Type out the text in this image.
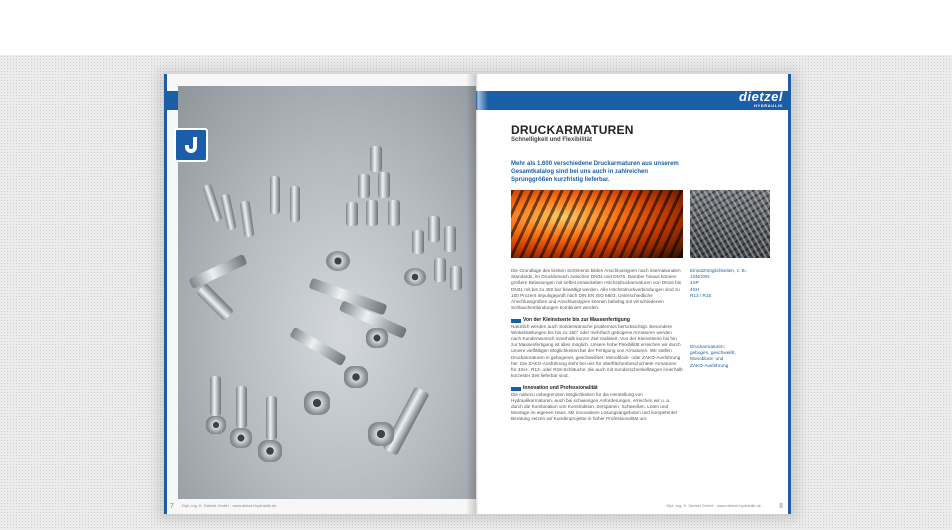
7 Dipl.-Ing. K. Dietzel GmbH · www.dietzel-hydraulik.de
dietzel
HYDRAULIK
DRUCKARMATUREN
Schnelligkeit und Flexibilität
Mehr als 1.600 verschiedene Druckarmaturen aus unserem Gesamtkatalog sind bei uns auch in zahlreichen Sprunggrößen kurzfristig lieferbar.

Die Grundlage des breiten Sortiments bilden Anschlusstypen nach internationalen Standards, im Druckbereich zwischen DN04 und DN76. Darüber hinaus können größere Belastungen mit selbst entwickelten Höchstdruckarmaturen von DN16 bis DN31 mit bis zu 450 bar bewältigt werden. Alle Höchstdruckverbindungen sind zu 100 Prozent impulsgeprüft nach DIN EN ISO 6803. Unterschiedliche Anschlussgrößen und Anschlusstypen können beliebig mit verschiedenen Schlaucheinbindungen kombiniert werden.

Von der Kleinstserie bis zur Massenfertigung

Natürlich werden auch Sonderwünsche problemlos berücksichtigt. Besondere Winkelstellungen bis hin zu 180° oder mehrfach gebogene Armaturen werden nach Kundenwunsch innerhalb kurzer Zeit realisiert. Von der Kleinstserie bis hin zur Massenfertigung ist alles möglich. Unsere hohe Flexibilität erreichen wir durch unsere vielfältigen Möglichkeiten bei der Fertigung von Armaturen. Wir stellen Druckarmaturen in gebogener, geschweißter, Monoblock- oder ZAKO-Ausführung her. Die ZAKO-Ausführung steht bei uns für oberflächenbeschichtete Armaturen für 4SH-, R13- oder R15-Schläuche, die auch mit Sonderschenkellängen innerhalb kürzester Zeit lieferbar sind.

Innovation und Professionalität

Die nahezu unbegrenzten Möglichkeiten für die Herstellung von Hydraulikarmaturen, auch bei schwierigen Anforderungen, erreichen wir u. a. durch die Kombination von Konstruktion, Zerspanen, Schweißen, Löten und Montage im eigenen Haus. Mit innovativen Lösungsangeboten und kompetenter Beratung setzen wir Kundenprojekte in hoher Professionalität um.

Einsatzmöglichkeiten, z. B.:
1SN/2SN
4SP
4SH
R13 / R15
Druckarmaturen:
gebogen, geschweißt,
Monoblock- und
ZAKO-Ausführung
Dipl.-Ing. K. Dietzel GmbH · www.dietzel-hydraulik.de	8
